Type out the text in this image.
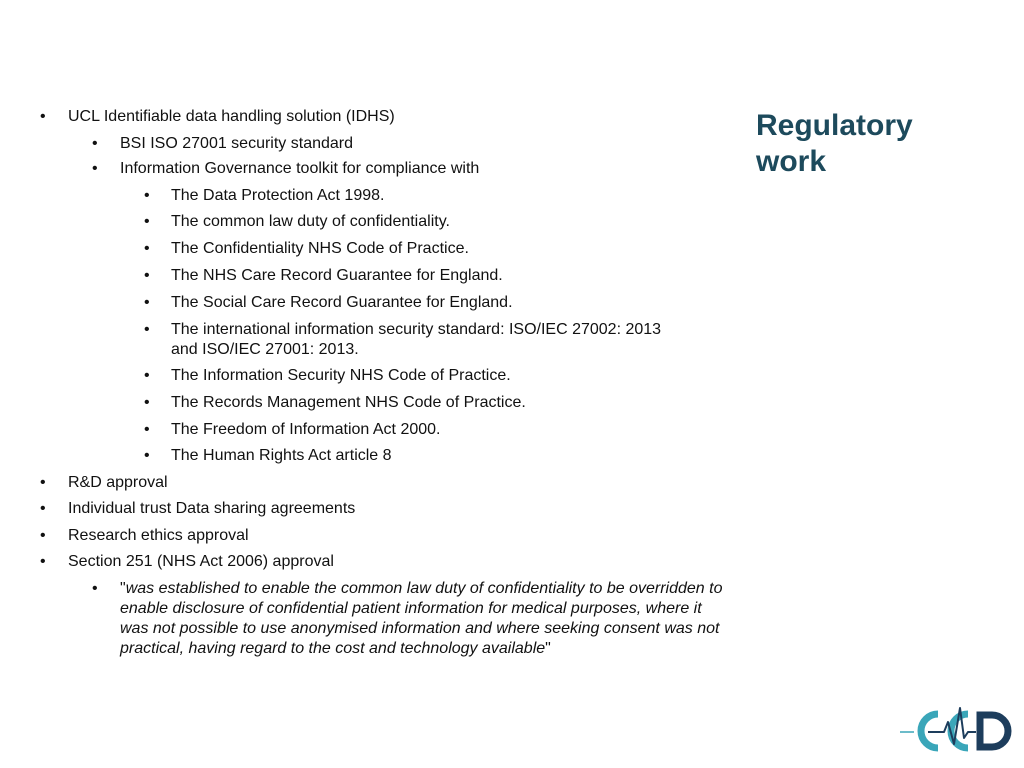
Regulatory
work
• UCL Identifiable data handling solution (IDHS)
• BSI ISO 27001 security standard
• Information Governance toolkit for compliance with
• The Data Protection Act 1998.
• The common law duty of confidentiality.
• The Confidentiality NHS Code of Practice.
• The NHS Care Record Guarantee for England.
• The Social Care Record Guarantee for England.
• The international information security standard: ISO/IEC 27002: 2013
and ISO/IEC 27001: 2013.
• The Information Security NHS Code of Practice.
• The Records Management NHS Code of Practice.
• The Freedom of Information Act 2000.
• The Human Rights Act article 8
• R&D approval
• Individual trust Data sharing agreements
• Research ethics approval
• Section 251 (NHS Act 2006) approval
• "was established to enable the common law duty of confidentiality to be overridden to enable disclosure of confidential patient information for medical purposes, where it was not possible to use anonymised information and where seeking consent was not practical, having regard to the cost and technology available"
